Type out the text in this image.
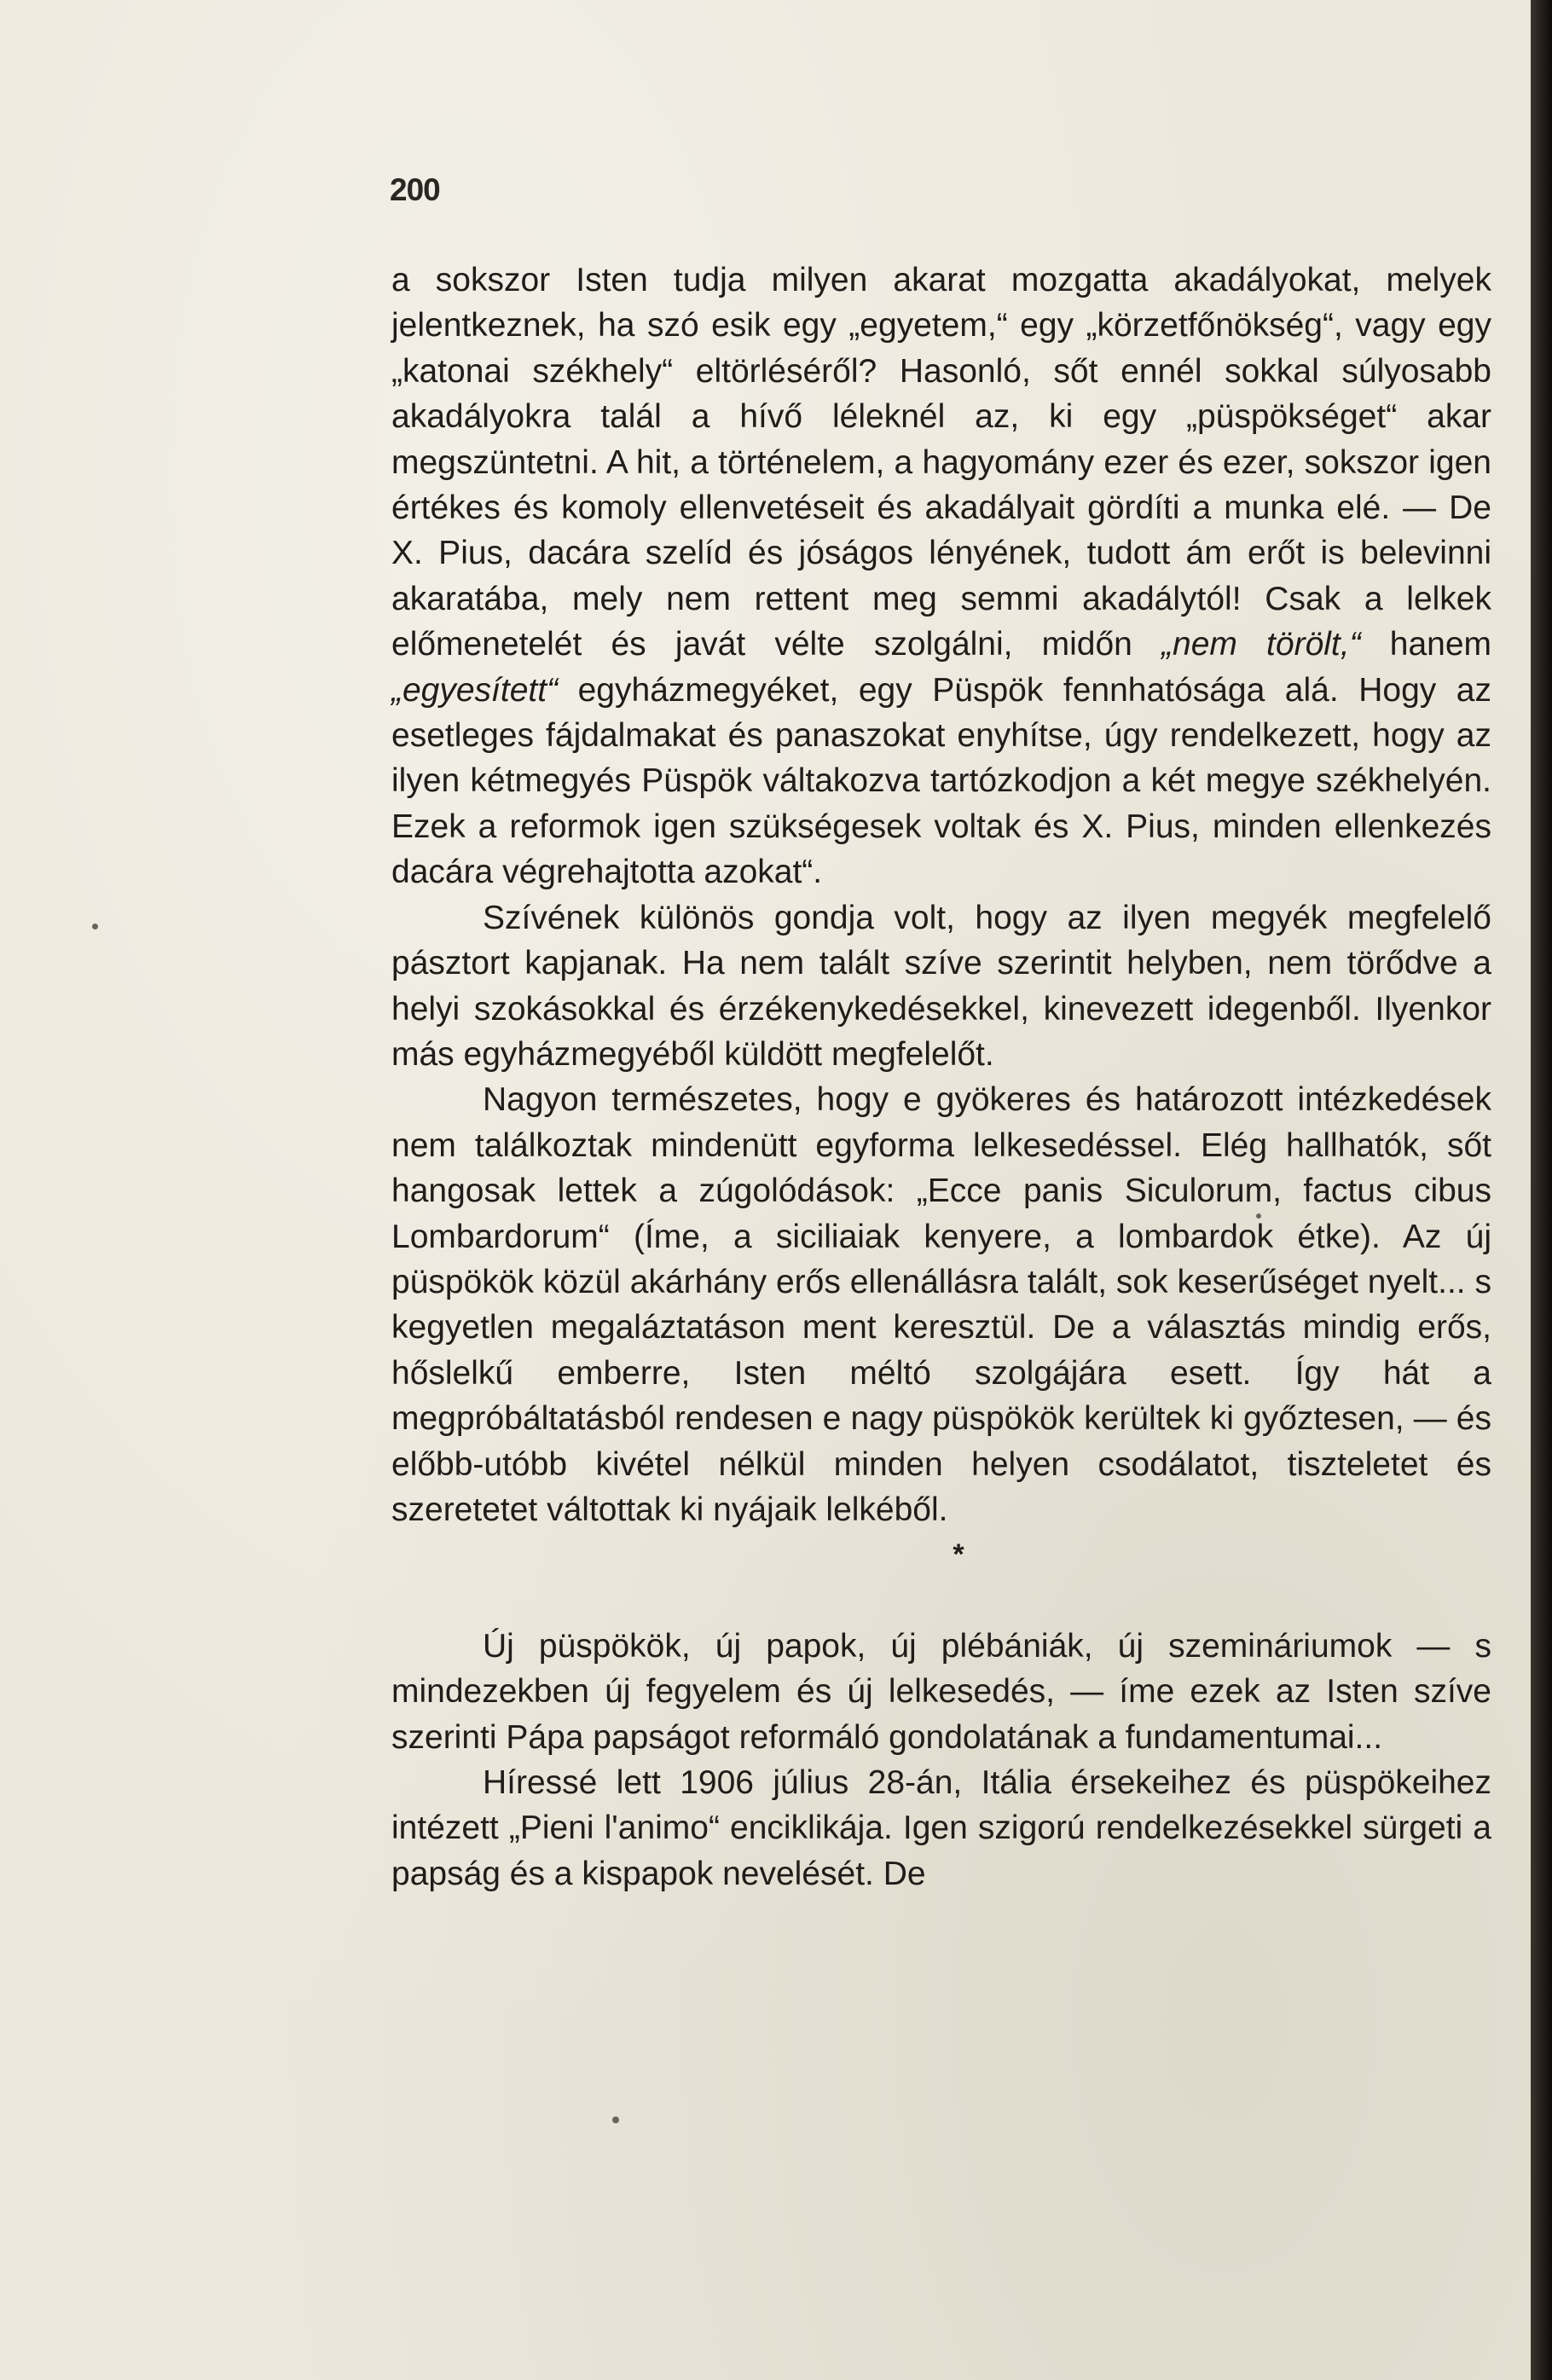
200

a sokszor Isten tudja milyen akarat mozgatta akadályokat, melyek jelentkeznek, ha szó esik egy „egyetem,“ egy „körzetfőnökség“, vagy egy „katonai székhely“ eltörléséről? Hasonló, sőt ennél sokkal súlyosabb akadályokra talál a hívő léleknél az, ki egy „püspökséget“ akar megszüntetni. A hit, a történelem, a hagyomány ezer és ezer, sokszor igen értékes és komoly ellenvetéseit és akadályait gördíti a munka elé. — De X. Pius, dacára szelíd és jóságos lényének, tudott ám erőt is belevinni akaratába, mely nem rettent meg semmi akadálytól! Csak a lelkek előmenetelét és javát vélte szolgálni, midőn „nem törölt,“ hanem „egyesített“ egyházmegyéket, egy Püspök fennhatósága alá. Hogy az esetleges fájdalmakat és panaszokat enyhítse, úgy rendelkezett, hogy az ilyen kétmegyés Püspök váltakozva tartózkodjon a két megye székhelyén. Ezek a reformok igen szükségesek voltak és X. Pius, minden ellenkezés dacára végrehajtotta azokat“.

Szívének különös gondja volt, hogy az ilyen megyék megfelelő pásztort kapjanak. Ha nem talált szíve szerintit helyben, nem törődve a helyi szokásokkal és érzékenykedésekkel, kinevezett idegenből. Ilyenkor más egyházmegyéből küldött megfelelőt.

Nagyon természetes, hogy e gyökeres és határozott intézkedések nem találkoztak mindenütt egyforma lelkesedéssel. Elég hallhatók, sőt hangosak lettek a zúgolódások: „Ecce panis Siculorum, factus cibus Lombardorum“ (Íme, a siciliaiak kenyere, a lombardok étke). Az új püspökök közül akárhány erős ellenállásra talált, sok keserűséget nyelt... s kegyetlen megaláztatáson ment keresztül. De a választás mindig erős, hőslelkű emberre, Isten méltó szolgájára esett. Így hát a megpróbáltatásból rendesen e nagy püspökök kerültek ki győztesen, — és előbb-utóbb kivétel nélkül minden helyen csodálatot, tiszteletet és szeretetet váltottak ki nyájaik lelkéből.

*

Új püspökök, új papok, új plébániák, új szemináriumok — s mindezekben új fegyelem és új lelkesedés, — íme ezek az Isten szíve szerinti Pápa papságot reformáló gondolatának a fundamentumai...

Híressé lett 1906 július 28-án, Itália érsekeihez és püspökeihez intézett „Pieni l'animo“ enciklikája. Igen szigorú rendelkezésekkel sürgeti a papság és a kispapok nevelését. De
